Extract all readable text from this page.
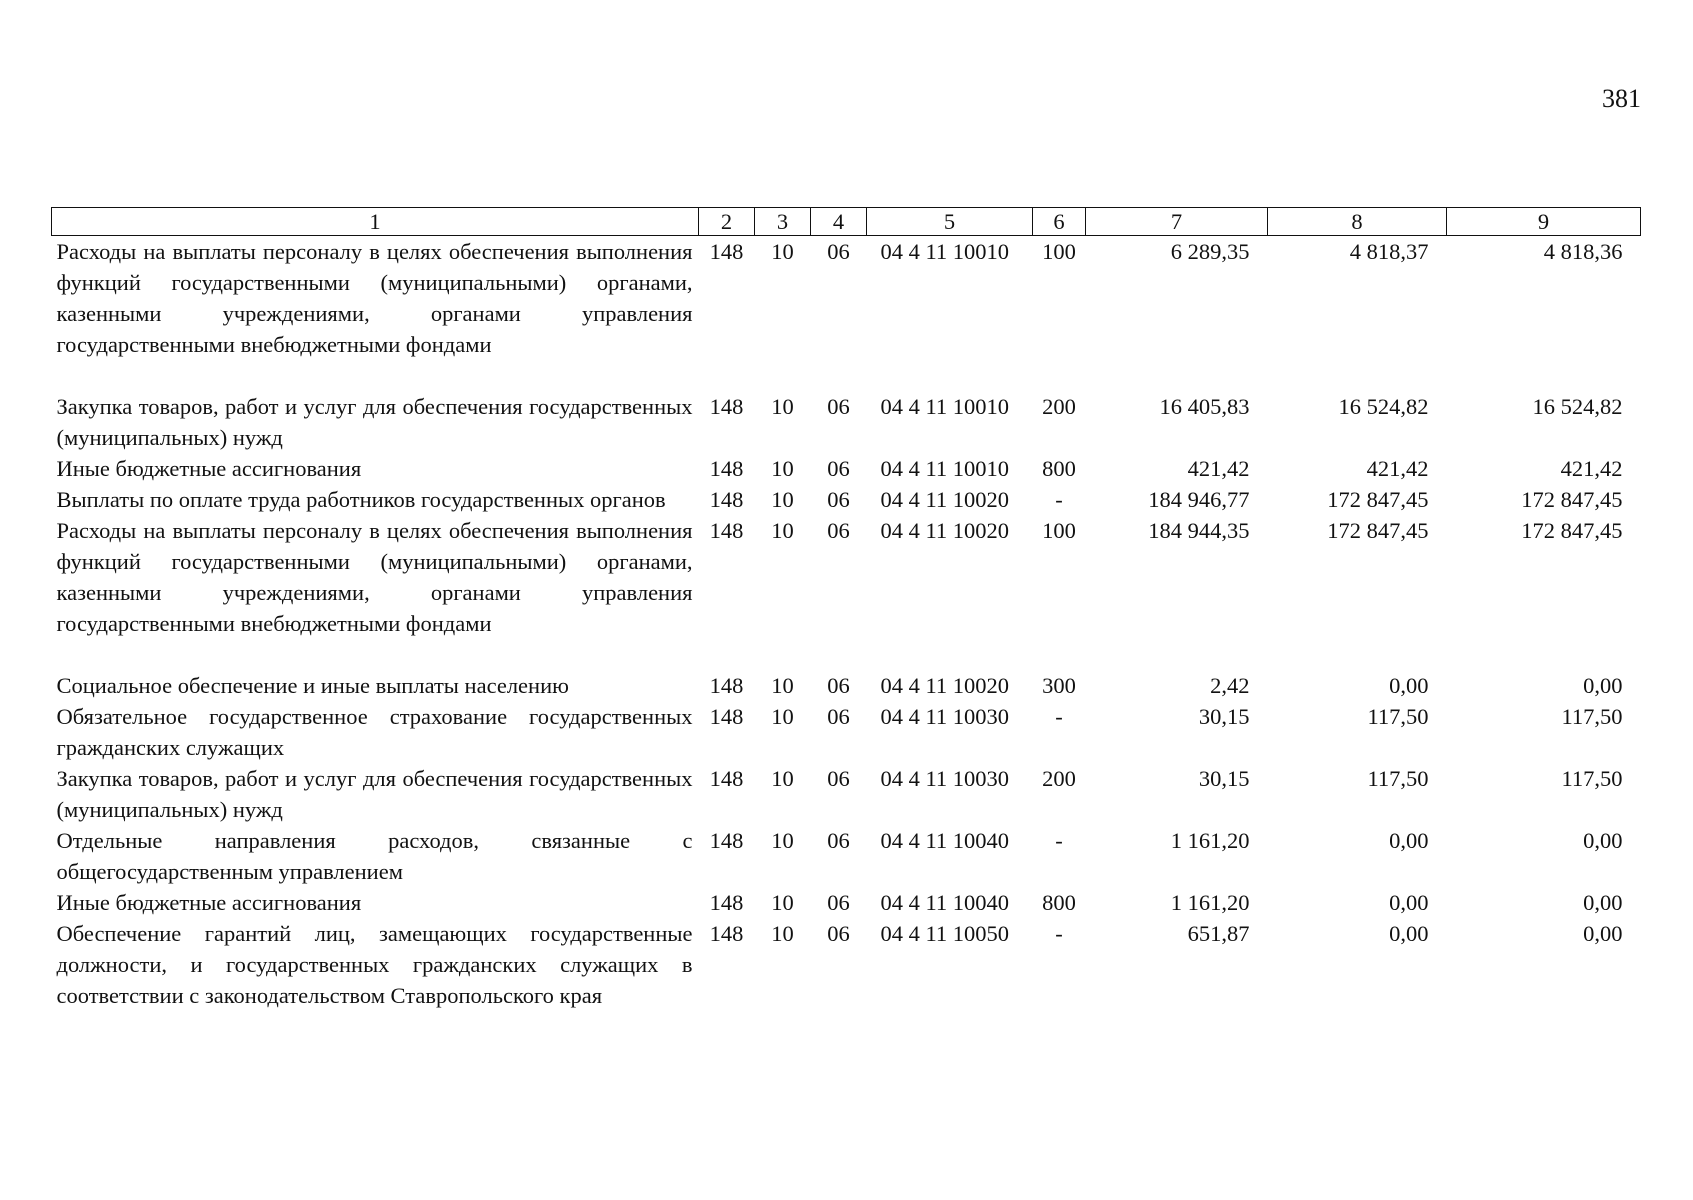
381
1	2	3	4	5	6	7	8	9
Расходы на выплаты персоналу в целях обеспечения выполнения функций государственными (муниципальными) органами, казенными учреждениями, органами управления государственными внебюджетными фондами	148	10	06	04 4 11 10010	100	6 289,35	4 818,37	4 818,36
Закупка товаров, работ и услуг для обеспечения государственных (муниципальных) нужд	148	10	06	04 4 11 10010	200	16 405,83	16 524,82	16 524,82
Иные бюджетные ассигнования	148	10	06	04 4 11 10010	800	421,42	421,42	421,42
Выплаты по оплате труда работников государственных органов	148	10	06	04 4 11 10020	-	184 946,77	172 847,45	172 847,45
Расходы на выплаты персоналу в целях обеспечения выполнения функций государственными (муниципальными) органами, казенными учреждениями, органами управления государственными внебюджетными фондами	148	10	06	04 4 11 10020	100	184 944,35	172 847,45	172 847,45
Социальное обеспечение и иные выплаты населению	148	10	06	04 4 11 10020	300	2,42	0,00	0,00
Обязательное государственное страхование государственных гражданских служащих	148	10	06	04 4 11 10030	-	30,15	117,50	117,50
Закупка товаров, работ и услуг для обеспечения государственных (муниципальных) нужд	148	10	06	04 4 11 10030	200	30,15	117,50	117,50
Отдельные направления расходов, связанные с общегосударственным управлением	148	10	06	04 4 11 10040	-	1 161,20	0,00	0,00
Иные бюджетные ассигнования	148	10	06	04 4 11 10040	800	1 161,20	0,00	0,00
Обеспечение гарантий лиц, замещающих государственные должности, и государственных гражданских служащих в соответствии с законодательством Ставропольского края	148	10	06	04 4 11 10050	-	651,87	0,00	0,00
